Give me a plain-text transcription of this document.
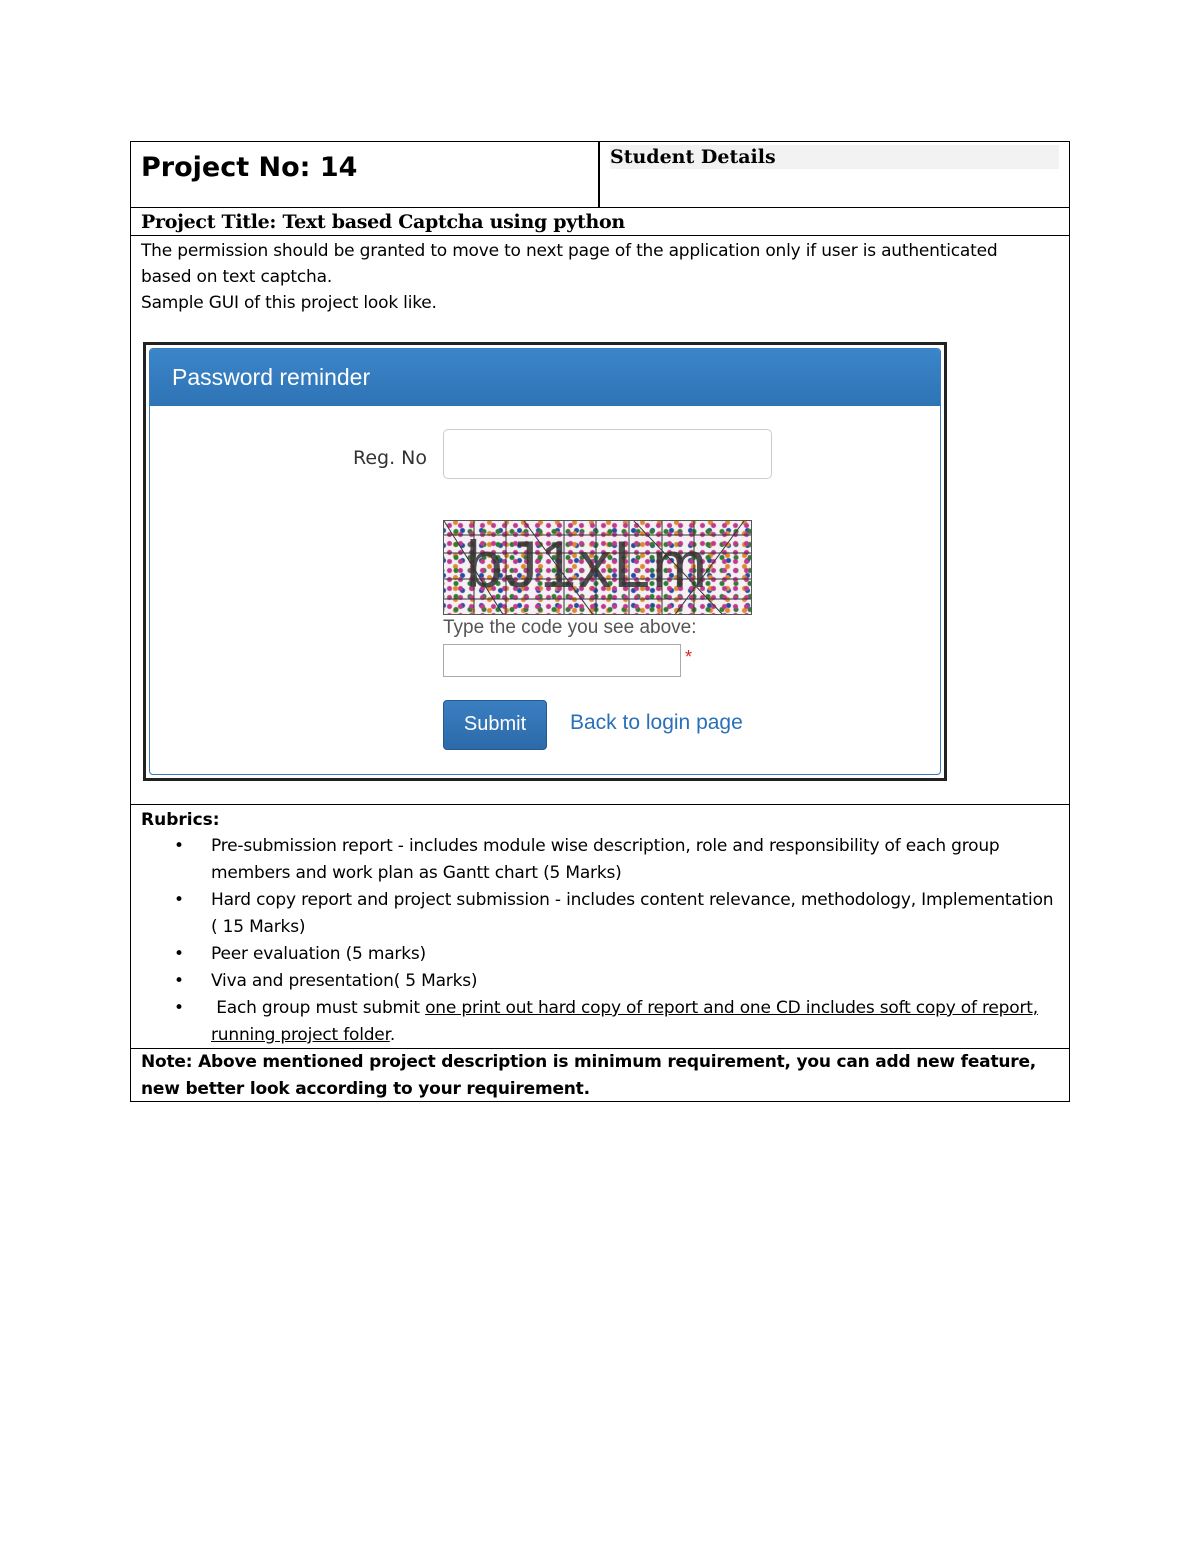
Project No: 14	Student Details
Project Title: Text based Captcha using python
The permission should be granted to move to next page of the application only if user is authenticated
based on text captcha.
Sample GUI of this project look like.
Password reminder
Reg. No
bJ1xLm
Type the code you see above:
*
Submit	Back to login page
Rubrics:
• Pre-submission report - includes module wise description, role and responsibility of each group members and work plan as Gantt chart (5 Marks)
• Hard copy report and project submission - includes content relevance, methodology, Implementation ( 15 Marks)
• Peer evaluation (5 marks)
• Viva and presentation( 5 Marks)
• Each group must submit one print out hard copy of report and one CD includes soft copy of report, running project folder.
Note: Above mentioned project description is minimum requirement, you can add new feature, new better look according to your requirement.
